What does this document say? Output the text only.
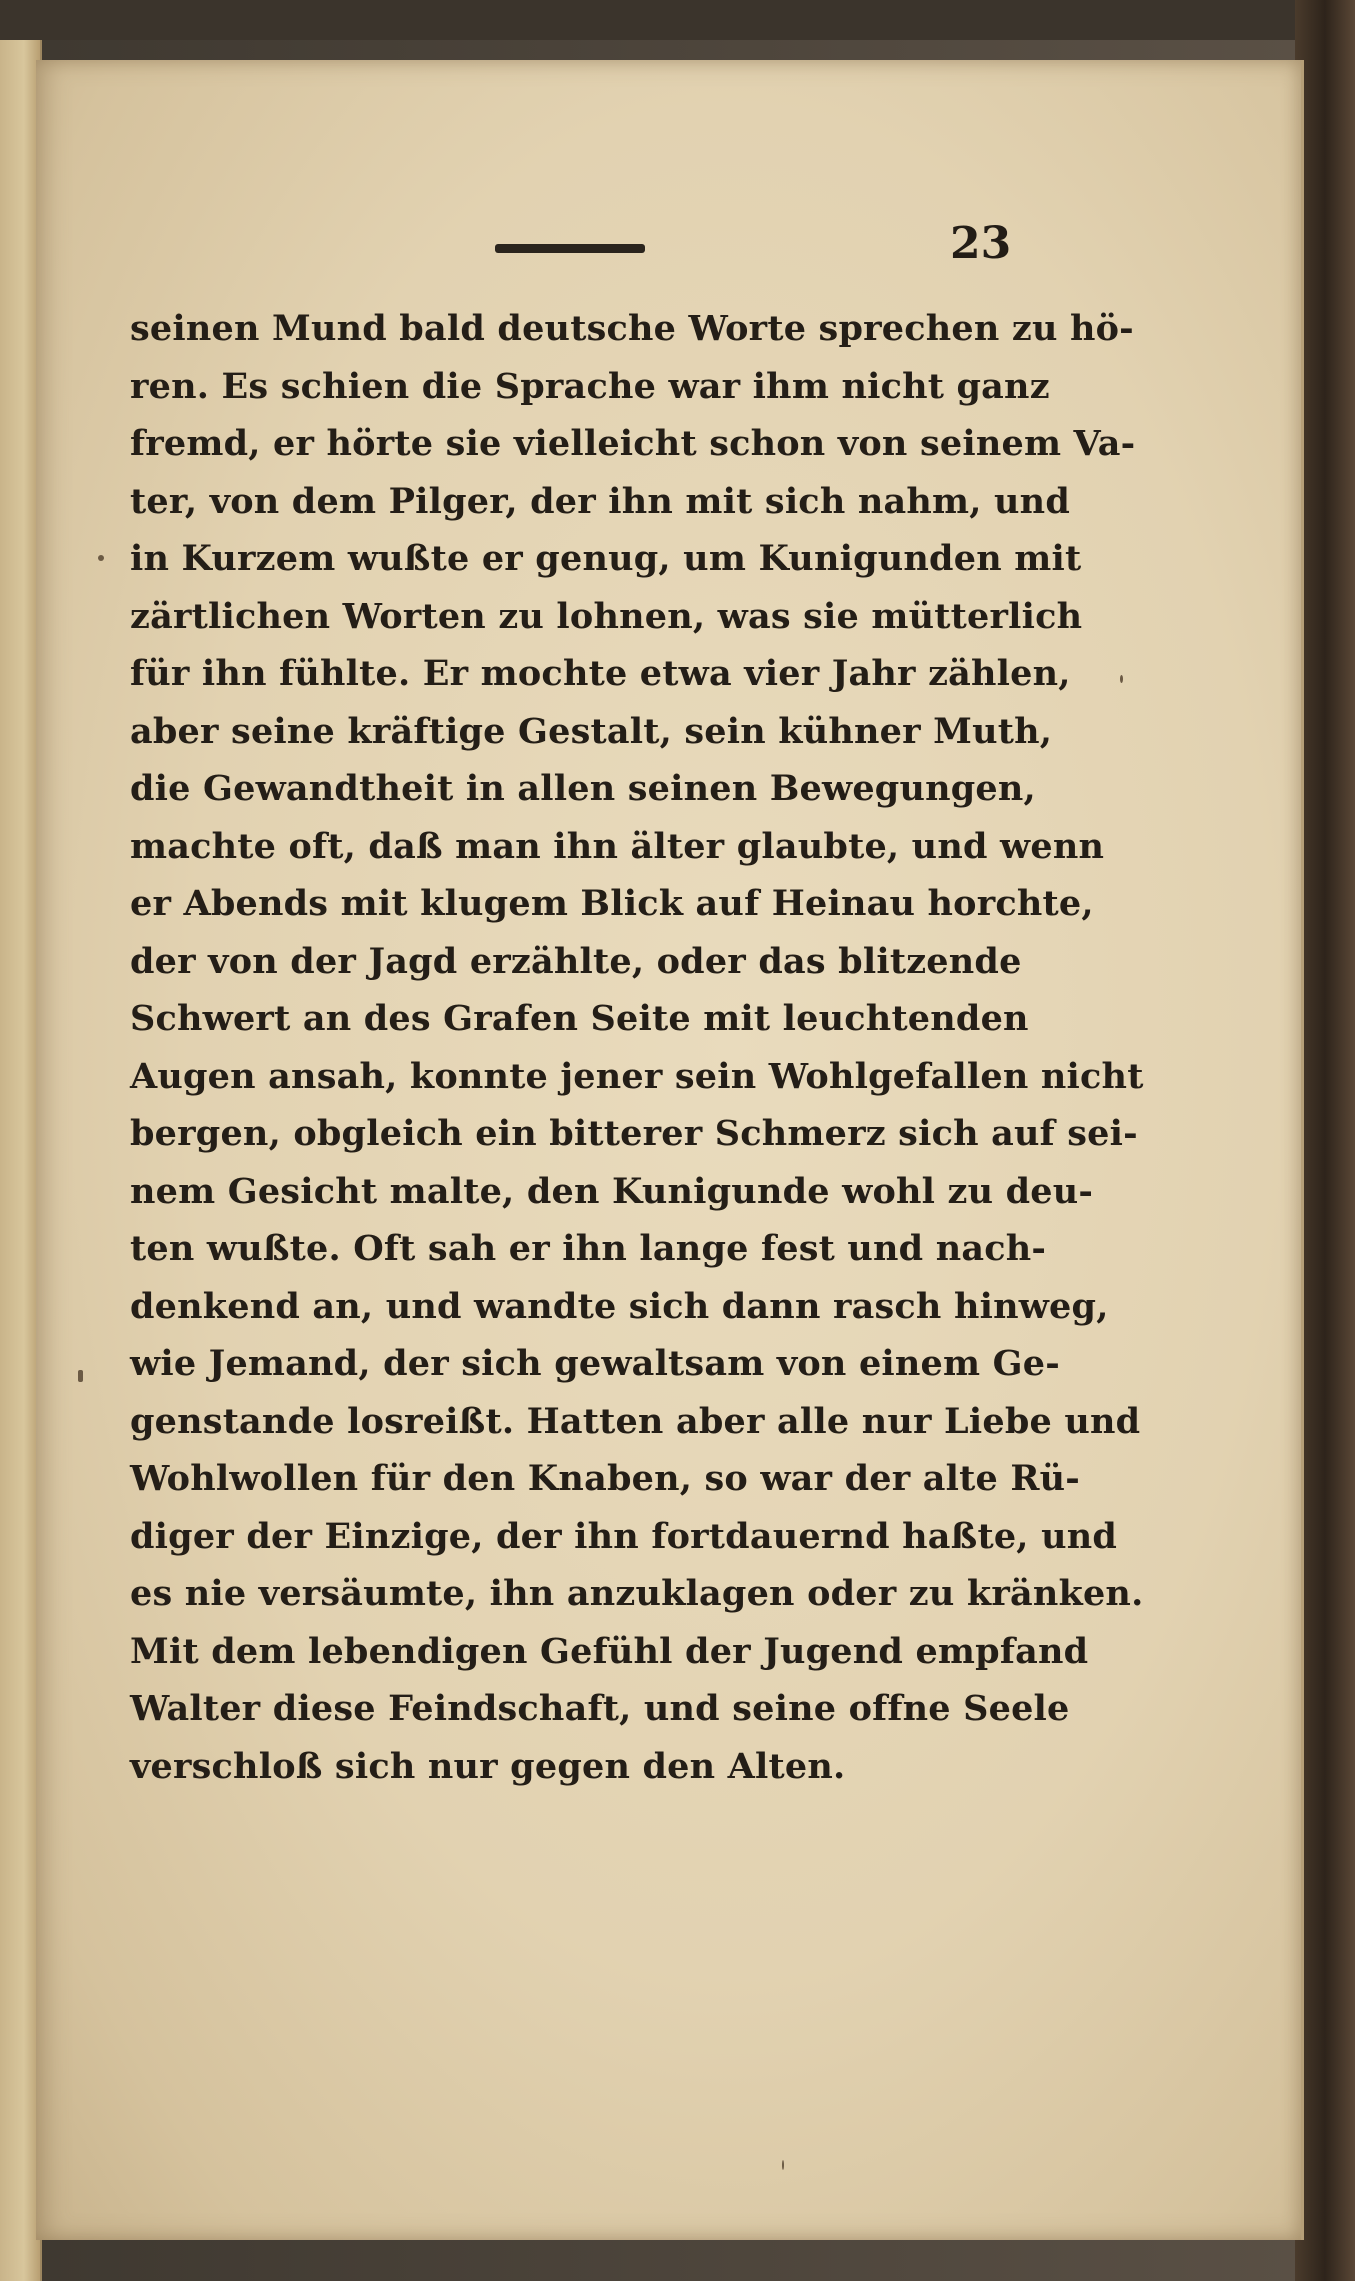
23
seinen Mund bald deutsche Worte sprechen zu hö-
ren. Es schien die Sprache war ihm nicht ganz
fremd, er hörte sie vielleicht schon von seinem Va-
ter, von dem Pilger, der ihn mit sich nahm, und
in Kurzem wußte er genug, um Kunigunden mit
zärtlichen Worten zu lohnen, was sie mütterlich
für ihn fühlte. Er mochte etwa vier Jahr zählen,
aber seine kräftige Gestalt, sein kühner Muth,
die Gewandtheit in allen seinen Bewegungen,
machte oft, daß man ihn älter glaubte, und wenn
er Abends mit klugem Blick auf Heinau horchte,
der von der Jagd erzählte, oder das blitzende
Schwert an des Grafen Seite mit leuchtenden
Augen ansah, konnte jener sein Wohlgefallen nicht
bergen, obgleich ein bitterer Schmerz sich auf sei-
nem Gesicht malte, den Kunigunde wohl zu deu-
ten wußte. Oft sah er ihn lange fest und nach-
denkend an, und wandte sich dann rasch hinweg,
wie Jemand, der sich gewaltsam von einem Ge-
genstande losreißt. Hatten aber alle nur Liebe und
Wohlwollen für den Knaben, so war der alte Rü-
diger der Einzige, der ihn fortdauernd haßte, und
es nie versäumte, ihn anzuklagen oder zu kränken.
Mit dem lebendigen Gefühl der Jugend empfand
Walter diese Feindschaft, und seine offne Seele
verschloß sich nur gegen den Alten.
